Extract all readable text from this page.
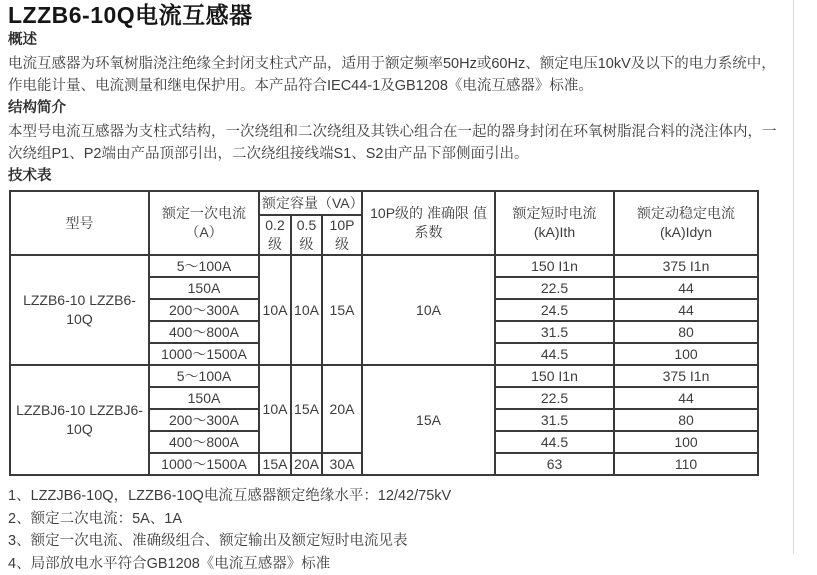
LZZB6-10Q电流互感器
概述

电流互感器为环氧树脂浇注绝缘全封闭支柱式产品，适用于额定频率50Hz或60Hz、额定电压10kV及以下的电力系统中，作电能计量、电流测量和继电保护用。本产品符合IEC44-1及GB1208《电流互感器》标准。

结构简介

本型号电流互感器为支柱式结构，一次绕组和二次绕组及其铁心组合在一起的器身封闭在环氧树脂混合料的浇注体内，一次绕组P1、P2端由产品顶部引出，二次绕组接线端S1、S2由产品下部侧面引出。

技术表
型号	额定一次电流（A）	额定容量（VA）			10P级的 准确限 值系数	额定短时电流 (kA)Ith	额定动稳定电流 (kA)Idyn
		0.2级	0.5级	10P级			
LZZB6-10 LZZB6-10Q	5～100A	10A	10A	15A	10A	150 I1n	375 I1n
	150A					22.5	44
	200～300A					24.5	44
	400～800A					31.5	80
	1000～1500A					44.5	100
LZZBJ6-10 LZZBJ6-10Q	5～100A	10A	15A	20A	15A	150 I1n	375 I1n
	150A					22.5	44
	200～300A					31.5	80
	400～800A					44.5	100
	1000～1500A	15A	20A	30A		63	110
1、LZZJB6-10Q，LZZB6-10Q电流互感器额定绝缘水平：12/42/75kV
2、额定二次电流：5A、1A
3、额定一次电流、准确级组合、额定输出及额定短时电流见表
4、局部放电水平符合GB1208《电流互感器》标准
